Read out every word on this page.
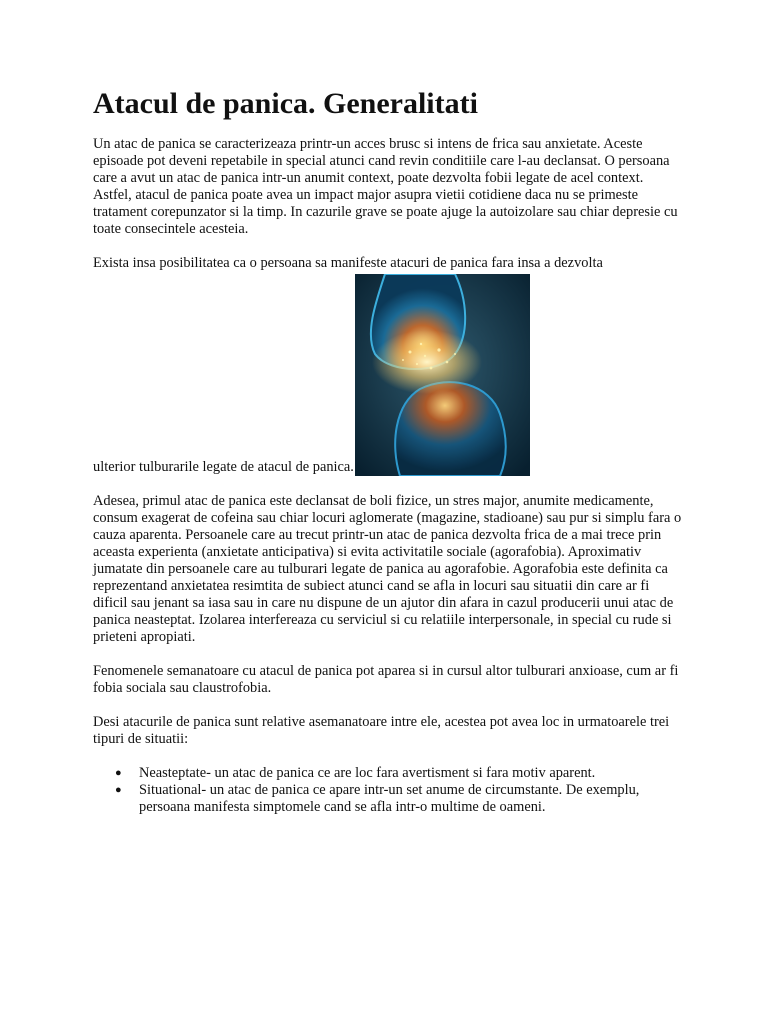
Atacul de panica. Generalitati

Un atac de panica se caracterizeaza printr-un acces brusc si intens de frica sau anxietate. Aceste episoade pot deveni repetabile in special atunci cand revin conditiile care l-au declansat. O persoana care a avut un atac de panica intr-un anumit context, poate dezvolta fobii legate de acel context. Astfel, atacul de panica poate avea un impact major asupra vietii cotidiene daca nu se primeste tratament corepunzator si la timp. In cazurile grave se poate ajuge la autoizolare sau chiar depresie cu toate consecintele acesteia.

Exista insa posibilitatea ca o persoana sa manifeste atacuri de panica fara insa a dezvolta
ulterior tulburarile legate de atacul de panica.

Adesea, primul atac de panica este declansat de boli fizice, un stres major, anumite medicamente, consum exagerat de cofeina sau chiar locuri aglomerate (magazine, stadioane) sau pur si simplu fara o cauza aparenta. Persoanele care au trecut printr-un atac de panica dezvolta frica de a mai trece prin aceasta experienta (anxietate anticipativa) si evita activitatile sociale (agorafobia). Aproximativ jumatate din persoanele care au tulburari legate de panica au agorafobie. Agorafobia este definita ca reprezentand anxietatea resimtita de subiect atunci cand se afla in locuri sau situatii din care ar fi dificil sau jenant sa iasa sau in care nu dispune de un ajutor din afara in cazul producerii unui atac de panica neasteptat. Izolarea interfereaza cu serviciul si cu relatiile interpersonale, in special cu rude si prieteni apropiati.

Fenomenele semanatoare cu atacul de panica pot aparea si in cursul altor tulburari anxioase, cum ar fi fobia sociala sau claustrofobia.

Desi atacurile de panica sunt relative asemanatoare intre ele, acestea pot avea loc in urmatoarele trei tipuri de situatii:

● Neasteptate- un atac de panica ce are loc fara avertisment si fara motiv aparent.
● Situational- un atac de panica ce apare intr-un set anume de circumstante. De exemplu, persoana manifesta simptomele cand se afla intr-o multime de oameni.
